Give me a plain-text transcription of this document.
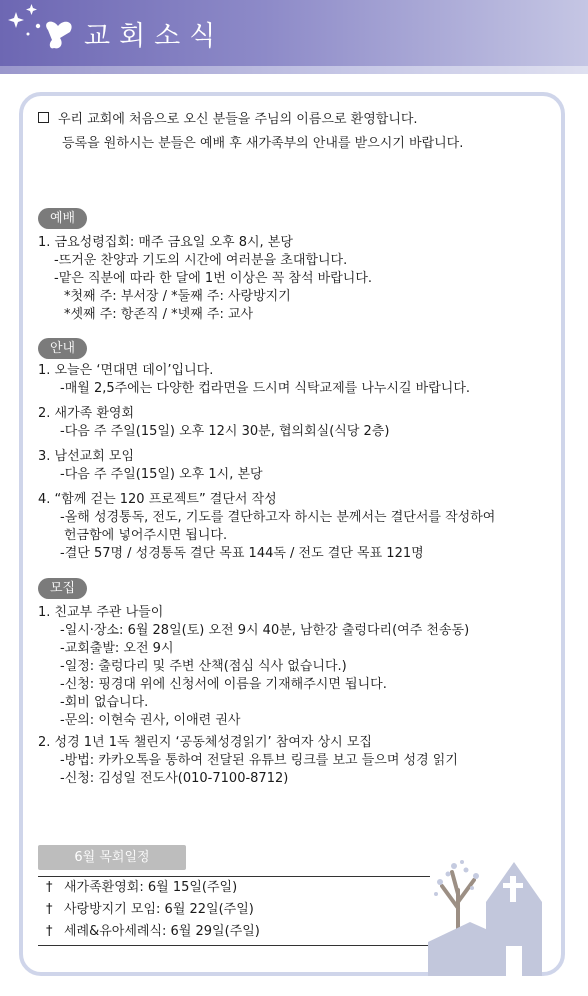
교회소식
우리 교회에 처음으로 오신 분들을 주님의 이름으로 환영합니다.
등록을 원하시는 분들은 예배 후 새가족부의 안내를 받으시기 바랍니다.
예배
1. 금요성령집회: 매주 금요일 오후 8시, 본당
-뜨거운 찬양과 기도의 시간에 여러분을 초대합니다.
-맡은 직분에 따라 한 달에 1번 이상은 꼭 참석 바랍니다.
*첫째 주: 부서장 / *둘째 주: 사랑방지기
*셋째 주: 항존직 / *넷째 주: 교사
안내
1. 오늘은 ‘면대면 데이’입니다.
-매월 2,5주에는 다양한 컵라면을 드시며 식탁교제를 나누시길 바랍니다.
2. 새가족 환영회
-다음 주 주일(15일) 오후 12시 30분, 협의회실(식당 2층)
3. 남선교회 모임
-다음 주 주일(15일) 오후 1시, 본당
4. “함께 걷는 120 프로젝트” 결단서 작성
-올해 성경통독, 전도, 기도를 결단하고자 하시는 분께서는 결단서를 작성하여
헌금함에 넣어주시면 됩니다.
-결단 57명 / 성경통독 결단 목표 144독 / 전도 결단 목표 121명
모집
1. 친교부 주관 나들이
-일시·장소: 6월 28일(토) 오전 9시 40분, 남한강 출렁다리(여주 천송동)
-교회출발: 오전 9시
-일정: 출렁다리 및 주변 산책(점심 식사 없습니다.)
-신청: 핑경대 위에 신청서에 이름을 기재해주시면 됩니다.
-회비 없습니다.
-문의: 이현숙 권사, 이애련 권사
2. 성경 1년 1독 챌린지 ‘공동체성경읽기’ 참여자 상시 모집
-방법: 카카오톡을 통하여 전달된 유튜브 링크를 보고 들으며 성경 읽기
-신청: 김성일 전도사(010-7100-8712)
6월 목회일정
† 새가족환영회: 6월 15일(주일)
† 사랑방지기 모임: 6월 22일(주일)
† 세례&유아세례식: 6월 29일(주일)
